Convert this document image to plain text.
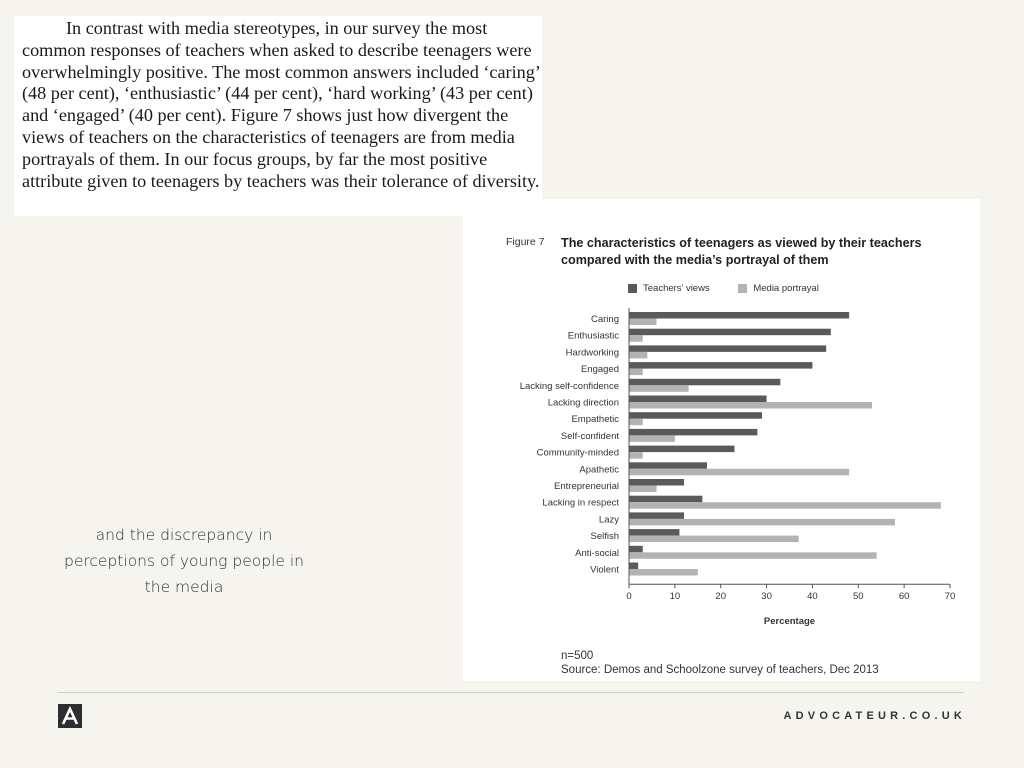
In contrast with media stereotypes, in our survey the most common responses of teachers when asked to describe teenagers were overwhelmingly positive. The most common answers included ‘caring’ (48 per cent), ‘enthusiastic’ (44 per cent), ‘hard working’ (43 per cent) and ‘engaged’ (40 per cent). Figure 7 shows just how divergent the views of teachers on the characteristics of teenagers are from media portrayals of them. In our focus groups, by far the most positive attribute given to teenagers by teachers was their tolerance of diversity.

and the discrepancy in perceptions of young people in the media
Figure 7 The characteristics of teenagers as viewed by their teachers compared with the media’s portrayal of them
Teachers’ views
	Media portrayal
Caring
Enthusiastic
Hardworking
Engaged
Lacking self-confidence
Lacking direction
Empathetic
Self-confident
Community-minded
Apathetic
Entrepreneurial
Lacking in respect
Lazy
Selfish
Anti-social
Violent
0	10	20	30	40	50	60	70
Percentage
n=500
Source: Demos and Schoolzone survey of teachers, Dec 2013
ADVOCATEUR.CO.UK
